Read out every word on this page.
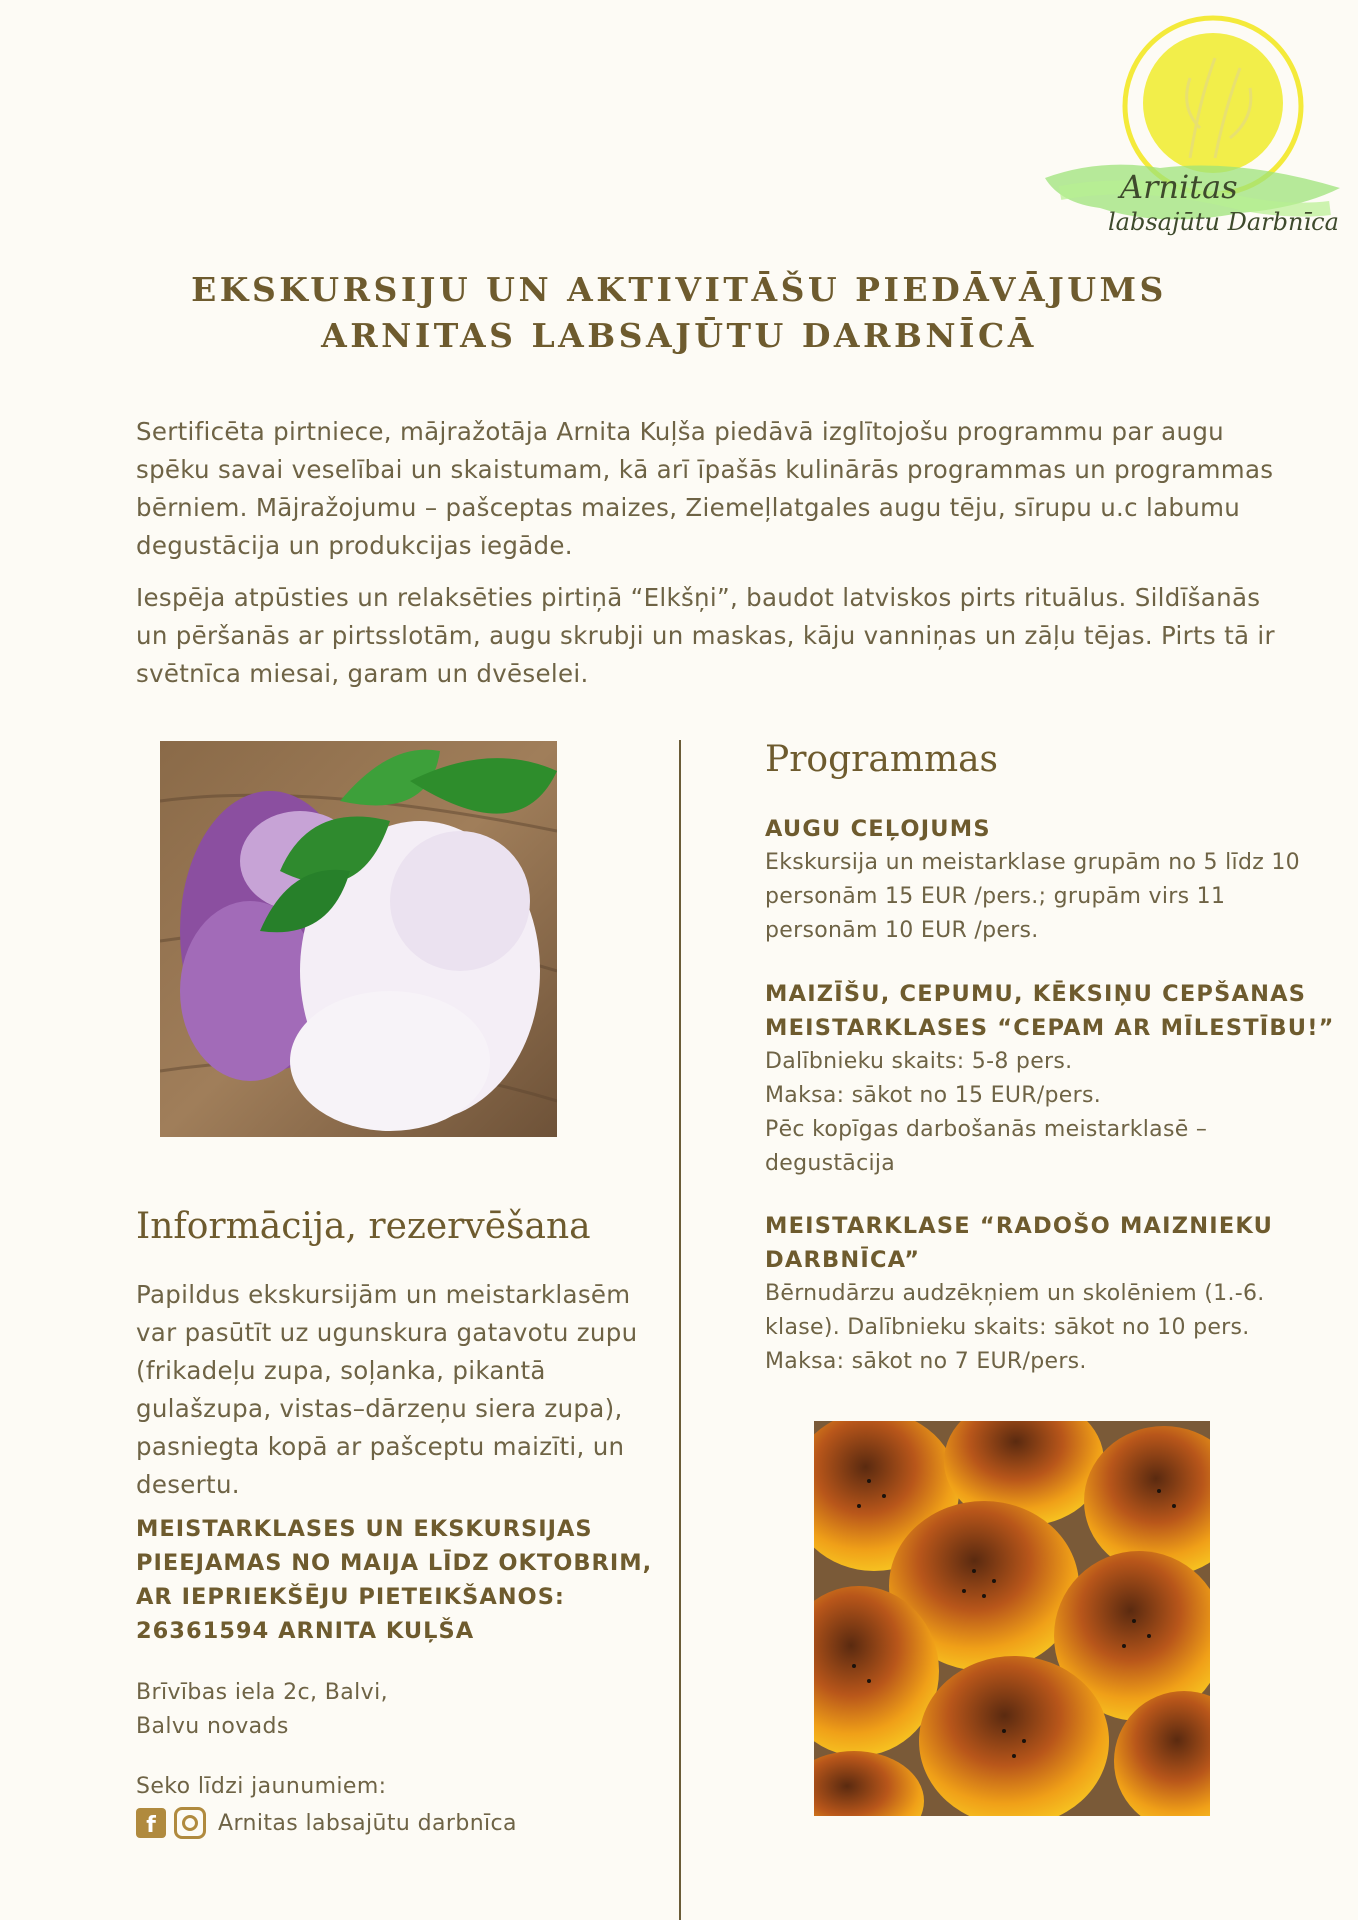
Arnitas
labsajūtu Darbnīca
EKSKURSIJU UN AKTIVITĀŠU PIEDĀVĀJUMS
ARNITAS LABSAJŪTU DARBNĪCĀ

Sertificēta pirtniece, mājražotāja Arnita Kuļša piedāvā izglītojošu programmu par augu spēku savai veselībai un skaistumam, kā arī īpašās kulinārās programmas un programmas bērniem. Mājražojumu – pašceptas maizes, Ziemeļlatgales augu tēju, sīrupu u.c labumu degustācija un produkcijas iegāde.

Iespēja atpūsties un relaksēties pirtiņā “Elkšņi”, baudot latviskos pirts rituālus. Sildīšanās un pēršanās ar pirtsslotām, augu skrubji un maskas, kāju vanniņas un zāļu tējas. Pirts tā ir svētnīca miesai, garam un dvēselei.

Programmas

AUGU CEĻOJUMS

Ekskursija un meistarklase grupām no 5 līdz 10 personām 15 EUR /pers.; grupām virs 11 personām 10 EUR /pers.

MAIZĪŠU, CEPUMU, KĒKSIŅU CEPŠANAS

MEISTARKLASES “CEPAM AR MĪLESTĪBU!”

Dalībnieku skaits: 5-8 pers.

Maksa: sākot no 15 EUR/pers.

Pēc kopīgas darbošanās meistarklasē – degustācija

MEISTARKLASE “RADOŠO MAIZNIEKU

DARBNĪCA”

Bērnudārzu audzēkņiem un skolēniem (1.-6. klase). Dalībnieku skaits: sākot no 10 pers.

Maksa: sākot no 7 EUR/pers.

Informācija, rezervēšana

Papildus ekskursijām un meistarklasēm var pasūtīt uz ugunskura gatavotu zupu (frikadeļu zupa, soļanka, pikantā gulašzupa, vistas–dārzeņu siera zupa), pasniegta kopā ar pašceptu maizīti, un desertu.

MEISTARKLASES UN EKSKURSIJAS

PIEEJAMAS NO MAIJA LĪDZ OKTOBRIM,

AR IEPRIEKŠĒJU PIETEIKŠANOS:

26361594 ARNITA KUĻŠA

Brīvības iela 2c, Balvi,
Balvu novads
Seko līdzi jaunumiem:
f	Arnitas labsajūtu darbnīca
